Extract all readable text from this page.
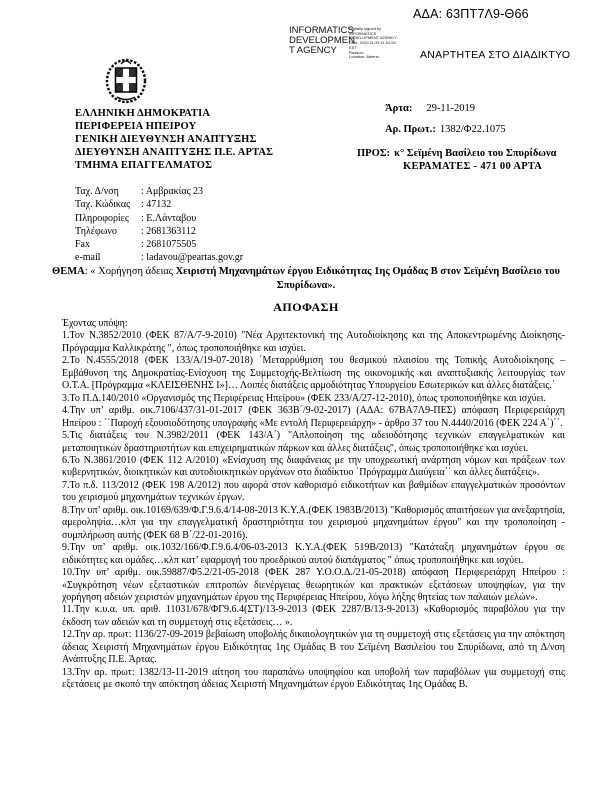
ΑΔΑ: 63ΠΤ7Λ9-Θ66
INFORMATICS
DEVELOPMEN
T AGENCY
Digitally signed by
INFORMATICS
DEVELOPMENT AGENCY
Date: 2019.11.29 11:51:52
EET
Reason:
Location: Athens	ΑΝΑΡΤΗΤΕΑ ΣΤΟ ΔΙΑΔΙΚΤΥΟ
ΕΛΛΗΝΙΚΗ ΔΗΜΟΚΡΑΤΙΑ
ΠΕΡΙΦΕΡΕΙΑ ΗΠΕΙΡΟΥ
ΓΕΝΙΚΗ ΔΙΕΥΘΥΝΣΗ ΑΝΑΠΤΥΞΗΣ
ΔΙΕΥΘΥΝΣΗ ΑΝΑΠΤΥΞΗΣ Π.Ε. ΑΡΤΑΣ
ΤΜΗΜΑ ΕΠΑΓΓΕΛΜΑΤΟΣ
Άρτα: 29-11-2019
Αρ. Πρωτ.: 1382/Φ22.1075
ΠΡΟΣ: κ° Σεϊμένη Βασίλειο του Σπυρίδωνα
ΚΕΡΑΜΑΤΕΣ - 471 00 ΑΡΤΑ
Ταχ. Δ/νση	: Αμβρακίας 23
Ταχ. Κώδικας	: 47132
Πληροφορίες	: Ε.Λάνταβου
Τηλέφωνο	: 2681363112
Fax	: 2681075505
e-mail	: ladavou@peartas.gov.gr
ΘΕΜΑ: « Χορήγηση άδειας Χειριστή Μηχανημάτων έργου Ειδικότητας 1ης Ομάδας Β στον Σεϊμένη Βασίλειο του Σπυρίδωνα».
ΑΠΟΦΑΣΗ

Έχοντας υπόψη:

1.Τον Ν.3852/2010 (ΦΕΚ 87/Α/7-9-2010) "Νέα Αρχιτεκτονική της Αυτοδιοίκησης και της Αποκεντρωμένης Διοίκησης-Πρόγραμμα Καλλικράτης ", όπως τροποποιήθηκε και ισχύει.

2.Το Ν.4555/2018 (ΦΕΚ 133/Α/19-07-2018) ΄Μεταρρύθμιση του θεσμικού πλαισίου της Τοπικής Αυτοδιοίκησης – Εμβάθυνση της Δημοκρατίας-Ενίσχυση της Συμμετοχής-Βελτίωση της οικονομικής και αναπτυξιακής λειτουργίας των Ο.Τ.Α. [Πρόγραμμα «ΚΛΕΙΣΘΕΝΗΣ Ι»]… Λοιπές διατάξεις αρμοδιότητας Υπουργείου Εσωτερικών και άλλες διατάξεις.΄

3.Το Π.Δ.140/2010 «Οργανισμός της Περιφέρειας Ηπείρου» (ΦΕΚ 233/Α/27-12-2010), όπως τροποποιήθηκε και ισχύει.

4.Την υπ’ αριθμ. οικ.7106/437/31-01-2017 (ΦΕΚ 363Β΄/9-02-2017) (ΑΔΑ: 67ΒΑ7Λ9-ΠΕΣ) απόφαση Περιφερειάρχη Ηπείρου : ΄΄Παροχή εξουσιοδότησης υπογραφής «Με εντολή Περιφερειάρχη» - άρθρο 37 του Ν.4440/2016 (ΦΕΚ 224 Α΄)΄΄.

5.Τις διατάξεις του Ν.3982/2011 (ΦΕΚ 143/Α΄) "Απλοποίηση της αδειοδότησης τεχνικών επαγγελματικών και μεταποιητικών δραστηριοτήτων και επιχειρηματικών πάρκων και άλλες διατάξεις", όπως τροποποιήθηκε και ισχύει.

6.Το Ν.3861/2010 (ΦΕΚ 112 Α/2010) «Ενίσχυση της διαφάνειας με την υποχρεωτική ανάρτηση νόμων και πράξεων των κυβερνητικών, διοικητικών και αυτοδιοικητικών οργάνων στο διαδίκτυο ΄Πρόγραμμα Διαύγεια΄΄ και άλλες διατάξεις».

7.Το π.δ. 113/2012 (ΦΕΚ 198 Α/2012) που αφορά στον καθορισμό ειδικοτήτων και βαθμίδων επαγγελματικών προσόντων του χειρισμού μηχανημάτων τεχνικών έργων.

8.Την υπ’ αριθμ. οικ.10169/639/Φ.Γ.9.6.4/14-08-2013 Κ.Υ.Α.(ΦΕΚ 1983Β/2013) "Καθορισμός απαιτήσεων για ανεξαρτησία, αμεροληψία…κλπ για την επαγγελματική δραστηριότητα του χειρισμού μηχανημάτων έργου" και την τροποποίηση - συμπλήρωση αυτής (ΦΕΚ 68 Β΄/22-01-2016).

9.Την υπ’ αριθμ. οικ.1032/166/Φ.Γ.9.6.4/06-03-2013 Κ.Υ.Α.(ΦΕΚ 519Β/2013) "Κατάταξη μηχανημάτων έργου σε ειδικότητες και ομάδες…κλπ κατ’ εφαρμογή του προεδρικού αυτού διατάγματος " όπως τροποποιήθηκε και ισχύει.

10.Την υπ’ αριθμ. οικ.59887/Φ5.2/21-05-2018 (ΦΕΚ 287 Υ.Ο.Ο.Δ./21-05-2018) απόφαση Περιφερειάρχη Ηπείρου : «Συγκρότηση νέων εξεταστικών επιτροπών διενέργειας θεωρητικών και πρακτικών εξετάσεων υποψηφίων, για την χορήγηση αδειών χειριστών μηχανημάτων έργου της Περιφέρειας Ηπείρου, λόγω λήξης θητείας των παλαιών μελών».

11.Την κ.υ.α. υπ. αριθ. 11031/678/ΦΓ9.6.4(ΣΤ)/13-9-2013 (ΦΕΚ 2287/Β/13-9-2013) «Καθορισμός παραβόλου για την έκδοση των αδειών και τη συμμετοχή στις εξετάσεις… ».

12.Την αρ. πρωτ: 1136/27-09-2019 βεβαίωση υποβολής δικαιολογητικών για τη συμμετοχή στις εξετάσεις για την απόκτηση άδειας Χειριστή Μηχανημάτων έργου Ειδικότητας 1ης Ομάδας Β του Σεϊμένη Βασιλείου του Σπυρίδωνα, από τη Δ/νση Ανάπτυξης Π.Ε. Άρτας.

13.Την αρ. πρωτ: 1382/13-11-2019 αίτηση του παραπάνω υποψηφίου και υποβολή των παραβόλων για συμμετοχή στις εξετάσεις με σκοπό την απόκτηση άδειας Χειριστή Μηχανημάτων έργου Ειδικότητας 1ης Ομάδας Β.
